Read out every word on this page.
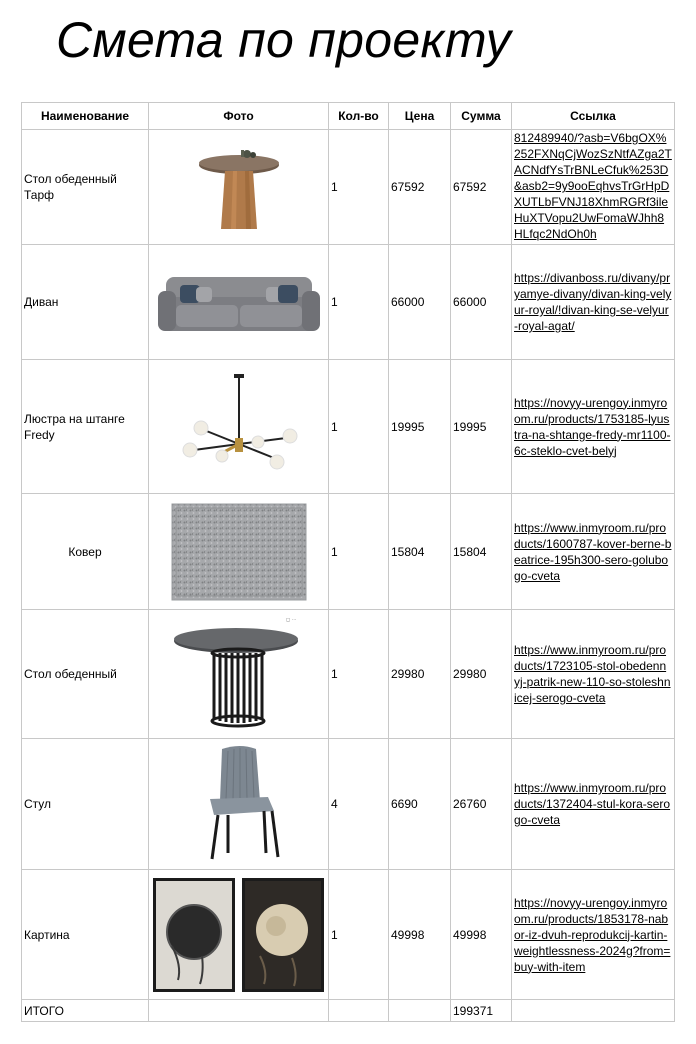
Смета по проекту
Наименование	Фото	Кол-во	Цена	Сумма	Ссылка
Стол обеденный Тарф		1	67592	67592	812489940/?asb=V6bgOX%252FXNqCjWozSzNtfAZga2TACNdfYsTrBNLeCfuk%253D&asb2=9y9ooEqhvsTrGrHpDXUTLbFVNJ18XhmRGRf3ileHuXTVopu2UwFomaWJhh8HLfqc2NdOh0h

Диван		1	66000	66000	https://divanboss.ru/divany/pryamye-divany/divan-king-velyur-royal/!divan-king-se-velyur-royal-agat/
Люстра на штанге Fredy		1	19995	19995	https://novyy-urengoy.inmyroom.ru/products/1753185-lyustra-na-shtange-fredy-mr1100-6c-steklo-cvet-belyj
Ковер		1	15804	15804	https://www.inmyroom.ru/products/1600787-kover-berne-beatrice-195h300-sero-golubogo-cveta
Стол обеденный	◻ ···	1	29980	29980	https://www.inmyroom.ru/products/1723105-stol-obedennyj-patrik-new-110-so-stoleshnicej-serogo-cveta
Стул		4	6690	26760	https://www.inmyroom.ru/products/1372404-stul-kora-serogo-cveta
Картина		1	49998	49998	https://novyy-urengoy.inmyroom.ru/products/1853178-nabor-iz-dvuh-reprodukcij-kartin-weightlessness-2024g?from=buy-with-item
ИТОГО				199371	
